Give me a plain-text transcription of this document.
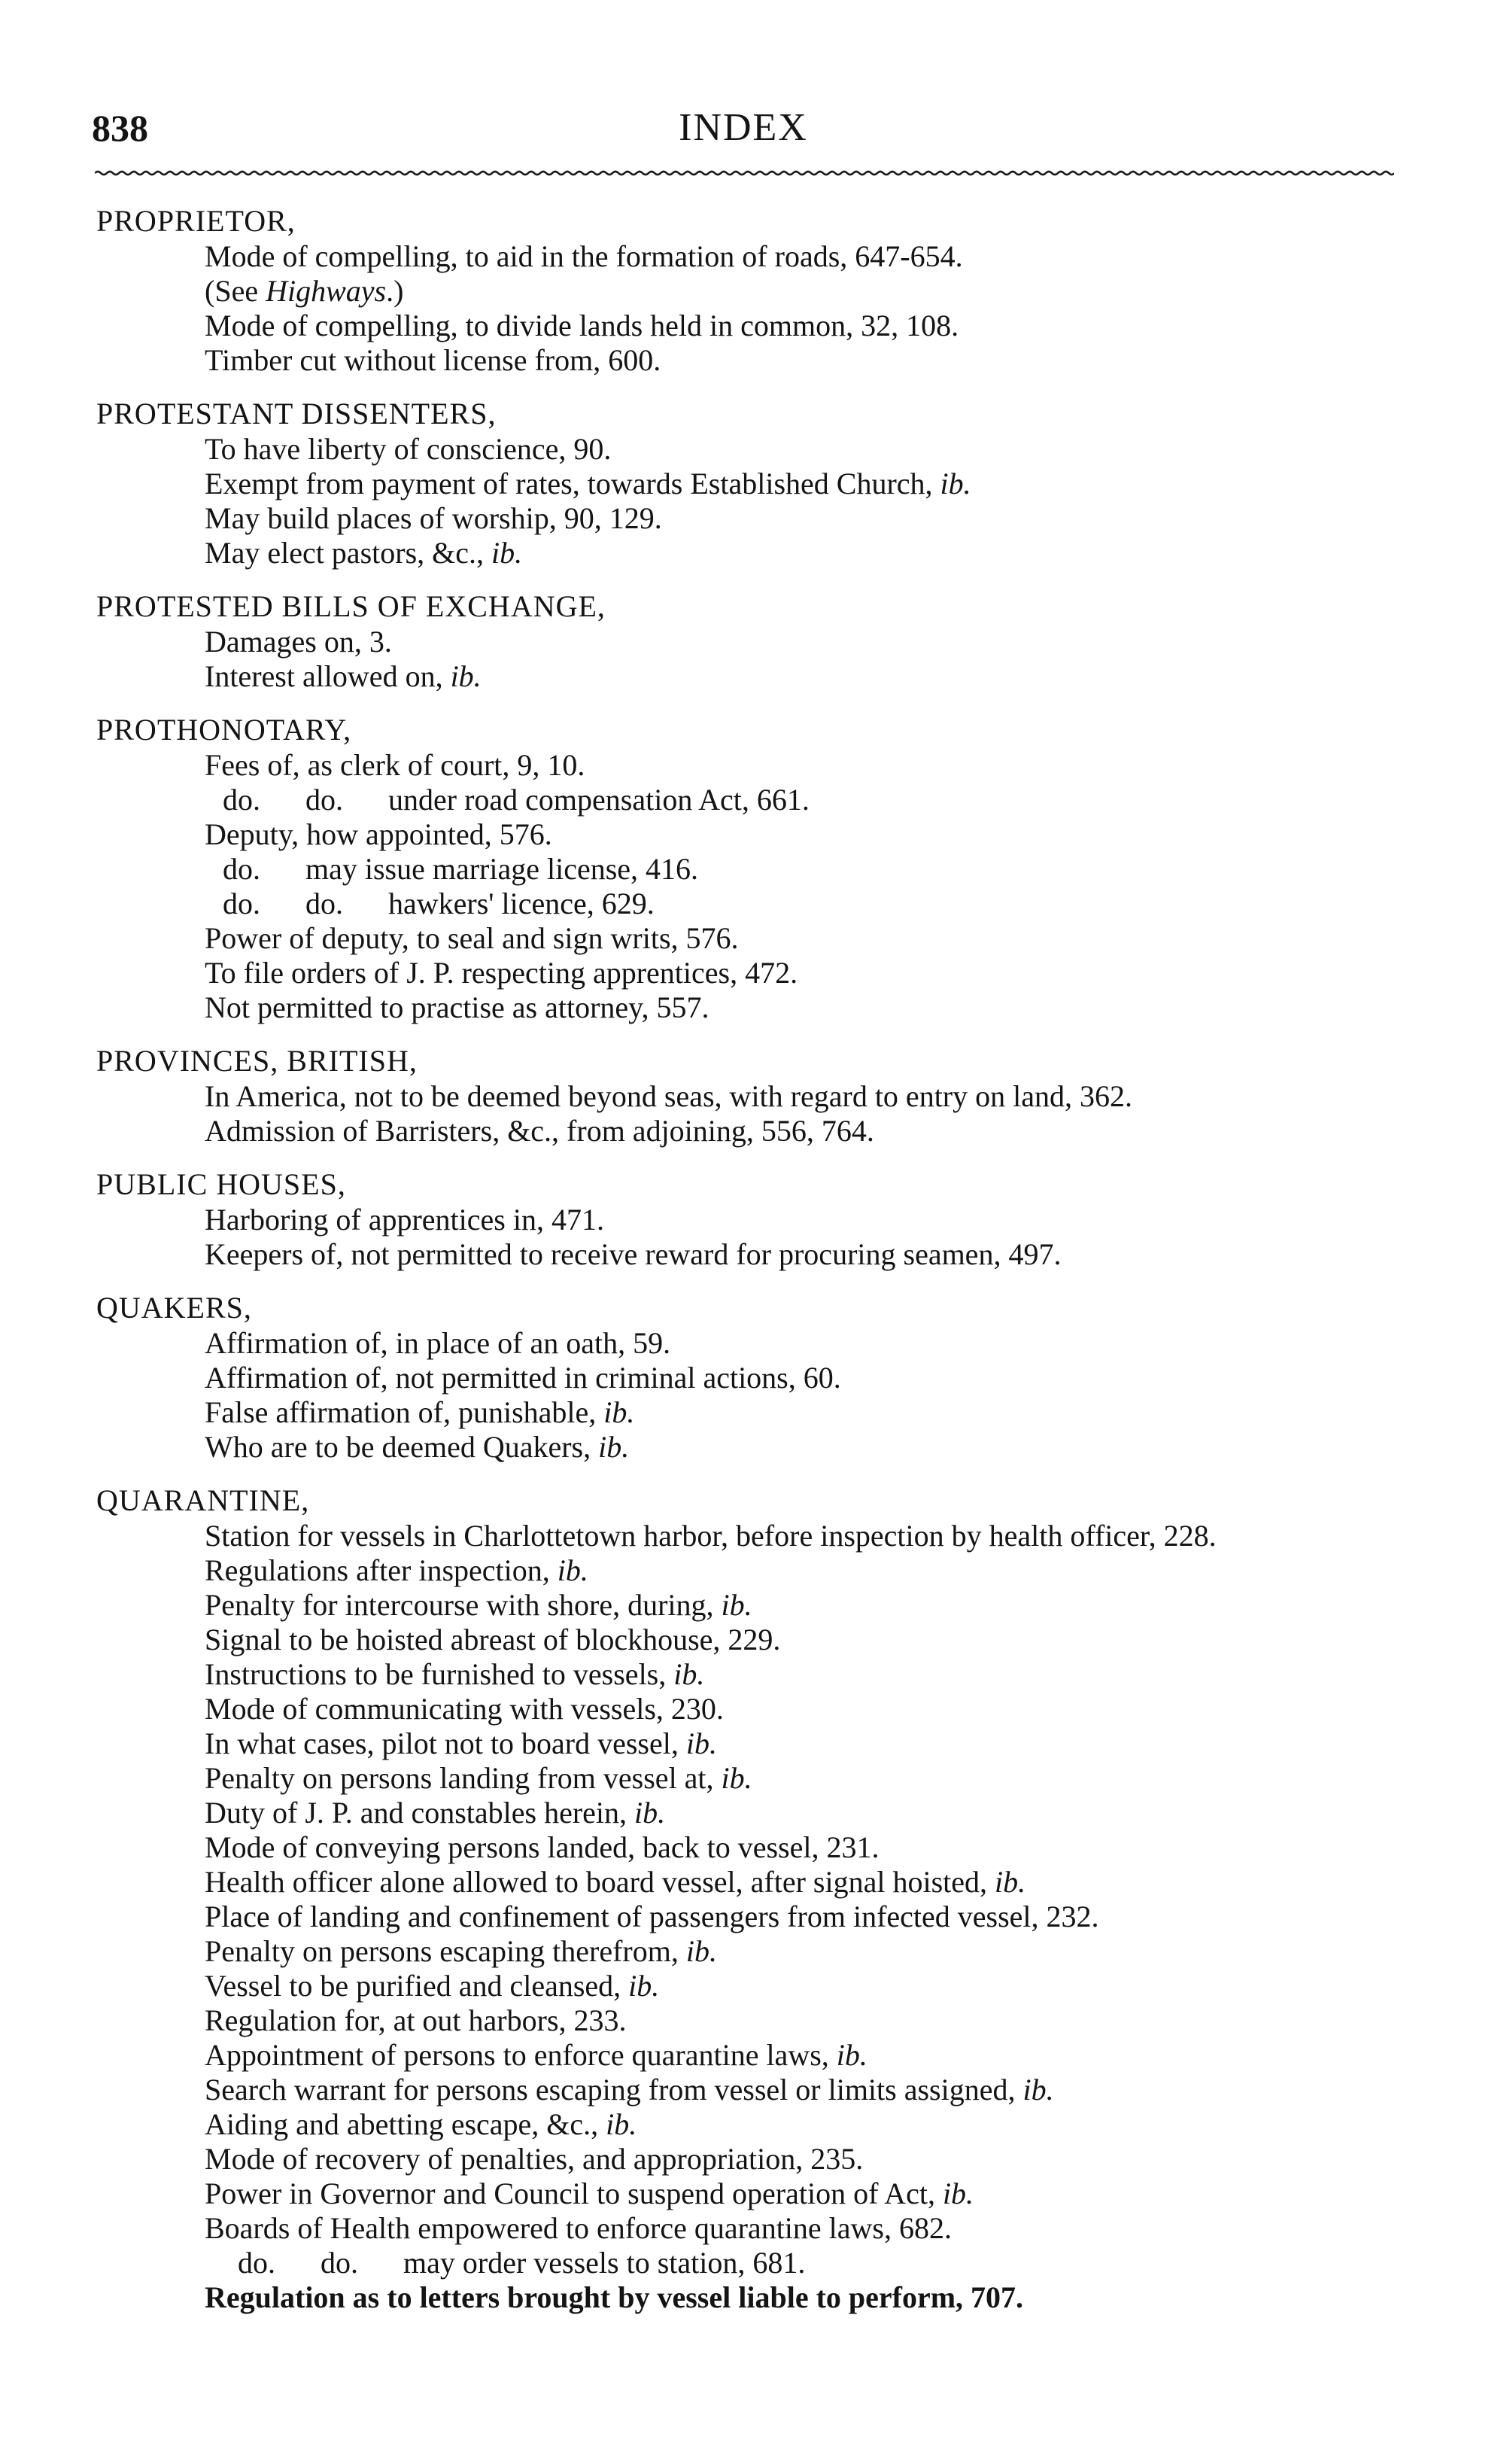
838	INDEX
PROPRIETOR,
Mode of compelling, to aid in the formation of roads, 647-654.
(See Highways.)
Mode of compelling, to divide lands held in common, 32, 108.
Timber cut without license from, 600.
PROTESTANT DISSENTERS,
To have liberty of conscience, 90.
Exempt from payment of rates, towards Established Church, ib.
May build places of worship, 90, 129.
May elect pastors, &c., ib.
PROTESTED BILLS OF EXCHANGE,
Damages on, 3.
Interest allowed on, ib.
PROTHONOTARY,
Fees of, as clerk of court, 9, 10.
do.      do.      under road compensation Act, 661.
Deputy, how appointed, 576.
do.      may issue marriage license, 416.
do.      do.      hawkers' licence, 629.
Power of deputy, to seal and sign writs, 576.
To file orders of J. P. respecting apprentices, 472.
Not permitted to practise as attorney, 557.
PROVINCES, BRITISH,
In America, not to be deemed beyond seas, with regard to entry on land, 362.
Admission of Barristers, &c., from adjoining, 556, 764.
PUBLIC HOUSES,
Harboring of apprentices in, 471.
Keepers of, not permitted to receive reward for procuring seamen, 497.
QUAKERS,
Affirmation of, in place of an oath, 59.
Affirmation of, not permitted in criminal actions, 60.
False affirmation of, punishable, ib.
Who are to be deemed Quakers, ib.
QUARANTINE,
Station for vessels in Charlottetown harbor, before inspection by health officer, 228.
Regulations after inspection, ib.
Penalty for intercourse with shore, during, ib.
Signal to be hoisted abreast of blockhouse, 229.
Instructions to be furnished to vessels, ib.
Mode of communicating with vessels, 230.
In what cases, pilot not to board vessel, ib.
Penalty on persons landing from vessel at, ib.
Duty of J. P. and constables herein, ib.
Mode of conveying persons landed, back to vessel, 231.
Health officer alone allowed to board vessel, after signal hoisted, ib.
Place of landing and confinement of passengers from infected vessel, 232.
Penalty on persons escaping therefrom, ib.
Vessel to be purified and cleansed, ib.
Regulation for, at out harbors, 233.
Appointment of persons to enforce quarantine laws, ib.
Search warrant for persons escaping from vessel or limits assigned, ib.
Aiding and abetting escape, &c., ib.
Mode of recovery of penalties, and appropriation, 235.
Power in Governor and Council to suspend operation of Act, ib.
Boards of Health empowered to enforce quarantine laws, 682.
do.      do.      may order vessels to station, 681.
Regulation as to letters brought by vessel liable to perform, 707.
